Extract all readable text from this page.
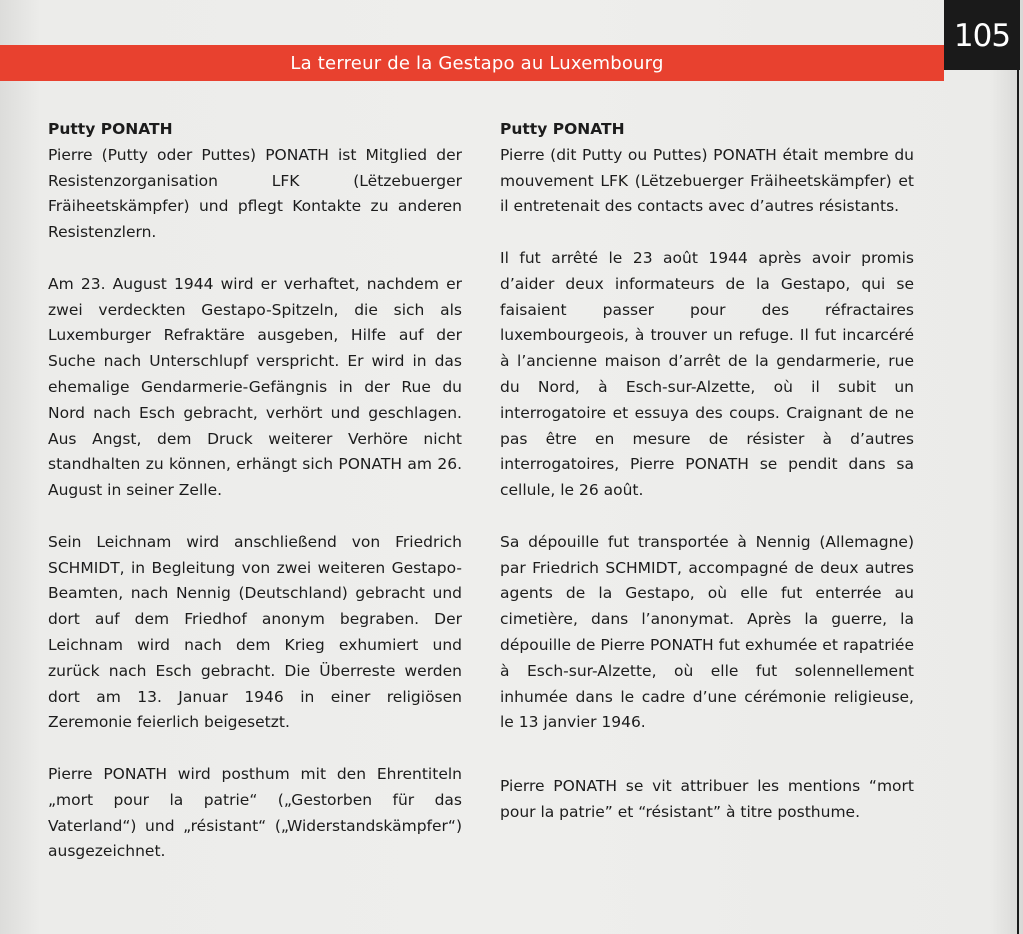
La terreur de la Gestapo au Luxembourg
105

Putty PONATH

Pierre (Putty oder Puttes) PONATH ist Mitglied der Resistenzorganisation LFK (Lëtzebuerger Fräiheetskämpfer) und pflegt Kontakte zu anderen Resistenzlern.

Am 23. August 1944 wird er verhaftet, nachdem er zwei verdeckten Gestapo-Spitzeln, die sich als Luxemburger Refraktäre ausgeben, Hilfe auf der Suche nach Unterschlupf verspricht. Er wird in das ehemalige Gendarmerie-Gefängnis in der Rue du Nord nach Esch gebracht, verhört und geschlagen. Aus Angst, dem Druck weiterer Verhöre nicht standhalten zu können, erhängt sich PONATH am 26. August in seiner Zelle.

Sein Leichnam wird anschließend von Friedrich SCHMIDT, in Begleitung von zwei weiteren Gestapo-Beamten, nach Nennig (Deutschland) gebracht und dort auf dem Friedhof anonym begraben. Der Leichnam wird nach dem Krieg exhumiert und zurück nach Esch gebracht. Die Überreste werden dort am 13. Januar 1946 in einer religiösen Zeremonie feierlich beigesetzt.

Pierre PONATH wird posthum mit den Ehrentiteln „mort pour la patrie“ („Gestorben für das Vaterland“) und „résistant“ („Widerstandskämpfer“) ausgezeichnet.

Putty PONATH

Pierre (dit Putty ou Puttes) PONATH était membre du mouvement LFK (Lëtzebuerger Fräiheetskämpfer) et il entretenait des contacts avec d’autres résistants.

Il fut arrêté le 23 août 1944 après avoir promis d’aider deux informateurs de la Gestapo, qui se faisaient passer pour des réfractaires luxembourgeois, à trouver un refuge. Il fut incarcéré à l’ancienne maison d’arrêt de la gendarmerie, rue du Nord, à Esch-sur-Alzette, où il subit un interrogatoire et essuya des coups. Craignant de ne pas être en mesure de résister à d’autres interrogatoires, Pierre PONATH se pendit dans sa cellule, le 26 août.

Sa dépouille fut transportée à Nennig (Allemagne) par Friedrich SCHMIDT, accompagné de deux autres agents de la Gestapo, où elle fut enterrée au cimetière, dans l’anonymat. Après la guerre, la dépouille de Pierre PONATH fut exhumée et rapatriée à Esch-sur-Alzette, où elle fut solennellement inhumée dans le cadre d’une cérémonie religieuse, le 13 janvier 1946.

Pierre PONATH se vit attribuer les mentions “mort pour la patrie” et “résistant” à titre posthume.
